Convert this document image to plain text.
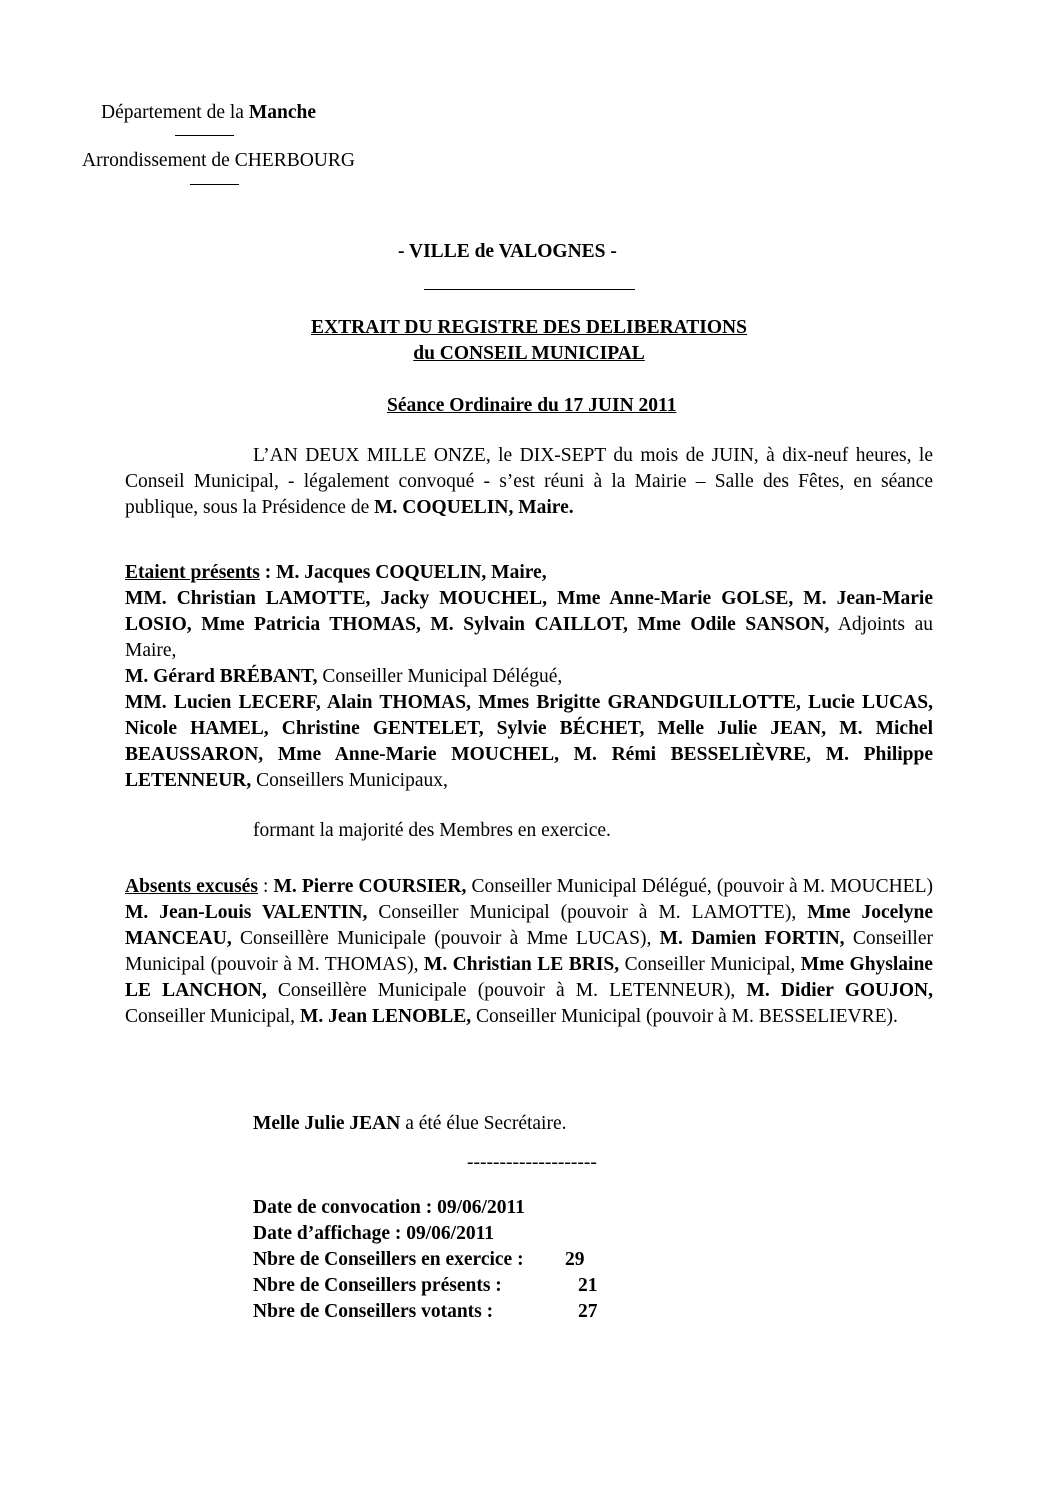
Département de la Manche
Arrondissement de CHERBOURG
- VILLE de VALOGNES -
EXTRAIT DU REGISTRE DES DELIBERATIONS
du CONSEIL MUNICIPAL
Séance Ordinaire du 17 JUIN 2011
L’AN DEUX MILLE ONZE, le DIX-SEPT du mois de JUIN, à dix-neuf heures, le Conseil Municipal, - légalement convoqué - s’est réuni à la Mairie – Salle des Fêtes, en séance publique, sous la Présidence de M. COQUELIN, Maire.
Etaient présents : M. Jacques COQUELIN, Maire,
MM. Christian LAMOTTE, Jacky MOUCHEL, Mme Anne-Marie GOLSE, M. Jean-Marie LOSIO, Mme Patricia THOMAS, M. Sylvain CAILLOT, Mme Odile SANSON, Adjoints au Maire,
M. Gérard BRÉBANT, Conseiller Municipal Délégué,
MM. Lucien LECERF, Alain THOMAS, Mmes Brigitte GRANDGUILLOTTE, Lucie LUCAS, Nicole HAMEL, Christine GENTELET, Sylvie BÉCHET, Melle Julie JEAN, M. Michel BEAUSSARON, Mme Anne-Marie MOUCHEL, M. Rémi BESSELIÈVRE, M. Philippe LETENNEUR, Conseillers Municipaux,
formant la majorité des Membres en exercice.
Absents excusés : M. Pierre COURSIER, Conseiller Municipal Délégué, (pouvoir à M. MOUCHEL) M. Jean-Louis VALENTIN, Conseiller Municipal (pouvoir à M. LAMOTTE), Mme Jocelyne MANCEAU, Conseillère Municipale (pouvoir à Mme LUCAS), M. Damien FORTIN, Conseiller Municipal (pouvoir à M. THOMAS), M. Christian LE BRIS, Conseiller Municipal, Mme Ghyslaine LE LANCHON, Conseillère Municipale (pouvoir à M. LETENNEUR), M. Didier GOUJON, Conseiller Municipal, M. Jean LENOBLE, Conseiller Municipal (pouvoir à M. BESSELIEVRE).
Melle Julie JEAN a été élue Secrétaire.
--------------------
Date de convocation : 09/06/2011
Date d’affichage : 09/06/2011
Nbre de Conseillers en exercice : 29
Nbre de Conseillers présents :	21
Nbre de Conseillers votants :	27
